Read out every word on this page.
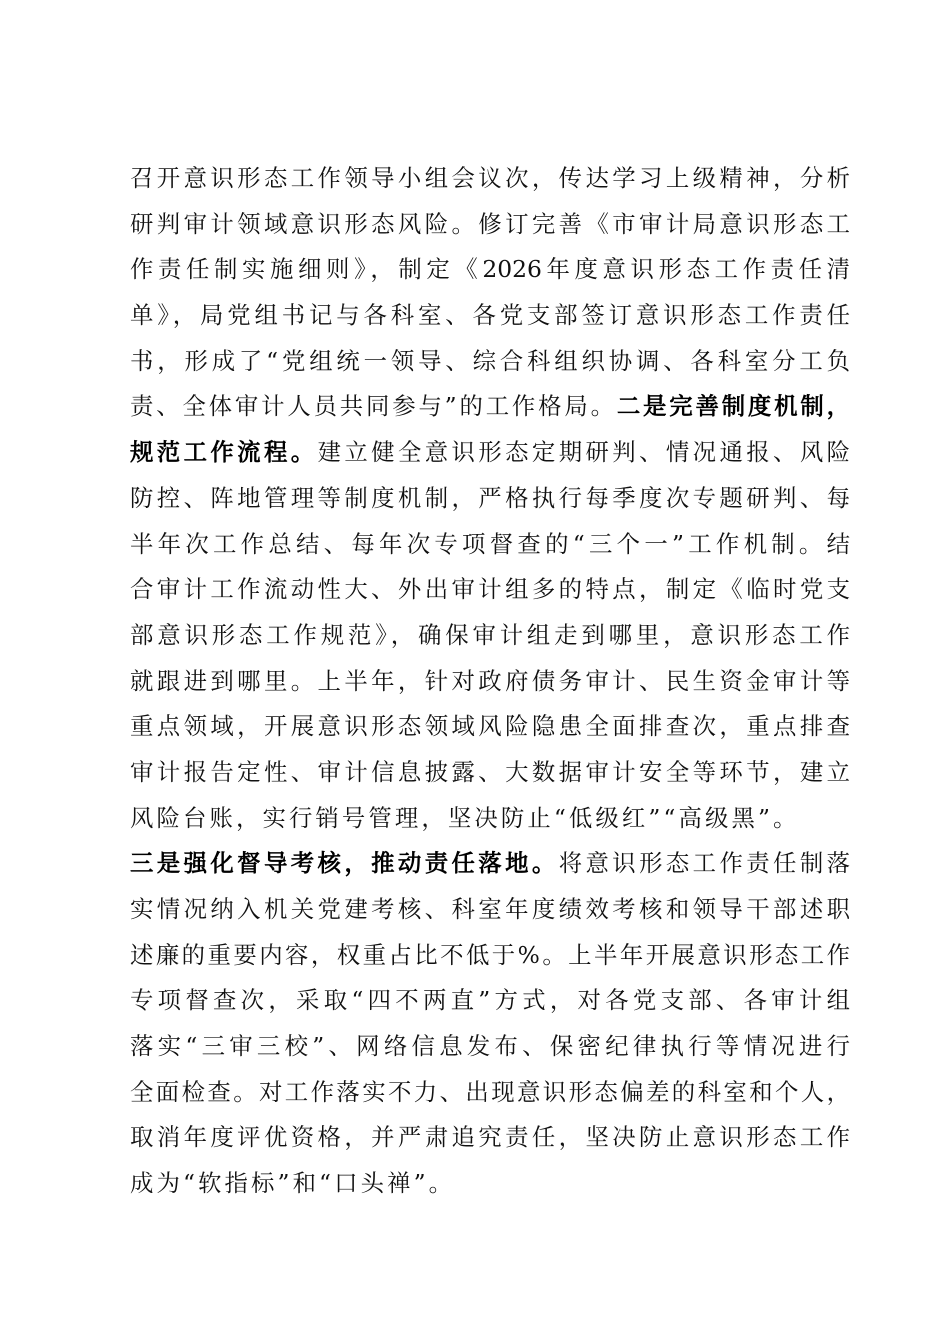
召开意识形态工作领导小组会议次，传达学习上级精神，分析
研判审计领域意识形态风险。修订完善《市审计局意识形态工
作责任制实施细则》，制定《2026年度意识形态工作责任清
单》，局党组书记与各科室、各党支部签订意识形态工作责任
书，形成了“党组统一领导、综合科组织协调、各科室分工负
责、全体审计人员共同参与”的工作格局。二是完善制度机制，
规范工作流程。建立健全意识形态定期研判、情况通报、风险
防控、阵地管理等制度机制，严格执行每季度次专题研判、每
半年次工作总结、每年次专项督查的“三个一”工作机制。结
合审计工作流动性大、外出审计组多的特点，制定《临时党支
部意识形态工作规范》，确保审计组走到哪里，意识形态工作
就跟进到哪里。上半年，针对政府债务审计、民生资金审计等
重点领域，开展意识形态领域风险隐患全面排查次，重点排查
审计报告定性、审计信息披露、大数据审计安全等环节，建立
风险台账，实行销号管理，坚决防止“低级红”“高级黑”。
三是强化督导考核，推动责任落地。将意识形态工作责任制落
实情况纳入机关党建考核、科室年度绩效考核和领导干部述职
述廉的重要内容，权重占比不低于%。上半年开展意识形态工作
专项督查次，采取“四不两直”方式，对各党支部、各审计组
落实“三审三校”、网络信息发布、保密纪律执行等情况进行
全面检查。对工作落实不力、出现意识形态偏差的科室和个人，
取消年度评优资格，并严肃追究责任，坚决防止意识形态工作
成为“软指标”和“口头禅”。
